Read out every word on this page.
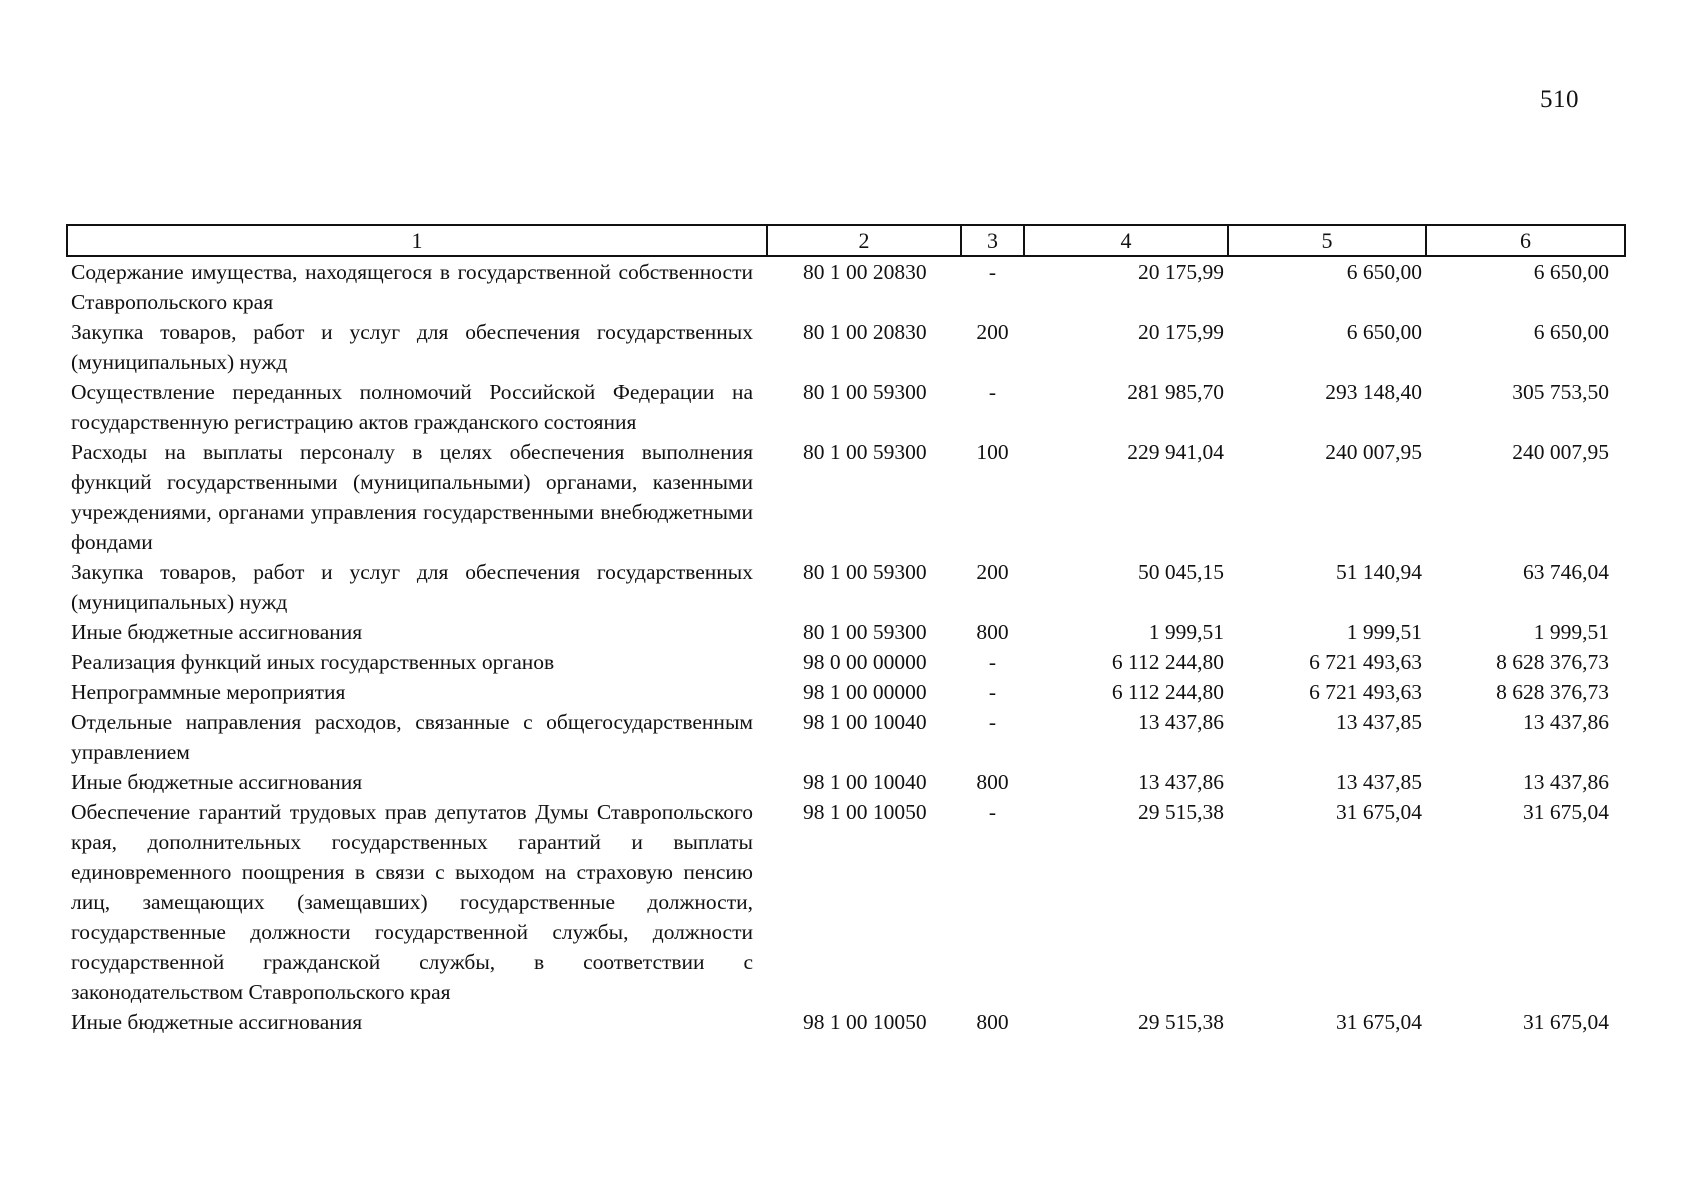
510
1	2	3	4	5	6
Содержание имущества, находящегося в государственной собственности Ставропольского края	80 1 00 20830	-	20 175,99	6 650,00	6 650,00
Закупка товаров, работ и услуг для обеспечения государственных (муниципальных) нужд	80 1 00 20830	200	20 175,99	6 650,00	6 650,00
Осуществление переданных полномочий Российской Федерации на государственную регистрацию актов гражданского состояния	80 1 00 59300	-	281 985,70	293 148,40	305 753,50
Расходы на выплаты персоналу в целях обеспечения выполнения функций государственными (муниципальными) органами, казенными учреждениями, органами управления государственными внебюджетными фондами	80 1 00 59300	100	229 941,04	240 007,95	240 007,95
Закупка товаров, работ и услуг для обеспечения государственных (муниципальных) нужд	80 1 00 59300	200	50 045,15	51 140,94	63 746,04
Иные бюджетные ассигнования	80 1 00 59300	800	1 999,51	1 999,51	1 999,51
Реализация функций иных государственных органов	98 0 00 00000	-	6 112 244,80	6 721 493,63	8 628 376,73
Непрограммные мероприятия	98 1 00 00000	-	6 112 244,80	6 721 493,63	8 628 376,73
Отдельные направления расходов, связанные с общегосударственным управлением	98 1 00 10040	-	13 437,86	13 437,85	13 437,86
Иные бюджетные ассигнования	98 1 00 10040	800	13 437,86	13 437,85	13 437,86
Обеспечение гарантий трудовых прав депутатов Думы Ставропольского края, дополнительных государственных гарантий и выплаты единовременного поощрения в связи с выходом на страховую пенсию лиц, замещающих (замещавших) государственные должности, государственные должности государственной службы, должности государственной гражданской службы, в соответствии с законодательством Ставропольского края	98 1 00 10050	-	29 515,38	31 675,04	31 675,04
Иные бюджетные ассигнования	98 1 00 10050	800	29 515,38	31 675,04	31 675,04
